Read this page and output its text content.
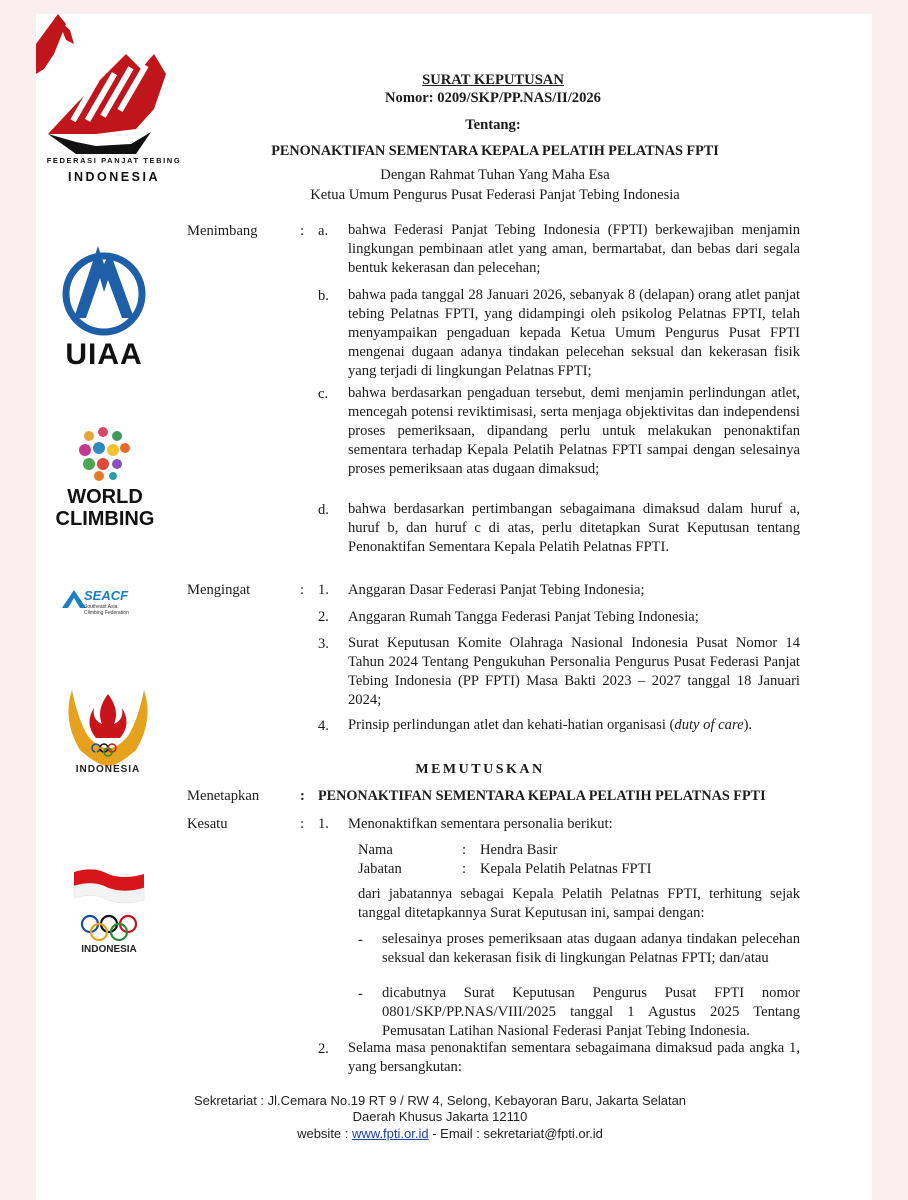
FEDERASI PANJAT TEBING
INDONESIA
UIAA
WORLD
CLIMBING
SEACF
Southeast Asia
Climbing Federation
INDONESIA
INDONESIA
SURAT KEPUTUSAN
Nomor: 0209/SKP/PP.NAS/II/2026
Tentang:
PENONAKTIFAN SEMENTARA KEPALA PELATIH PELATNAS FPTI
Dengan Rahmat Tuhan Yang Maha Esa
Ketua Umum Pengurus Pusat Federasi Panjat Tebing Indonesia
Menimbang	: a. bahwa Federasi Panjat Tebing Indonesia (FPTI) berkewajiban menjamin lingkungan pembinaan atlet yang aman, bermartabat, dan bebas dari segala bentuk kekerasan dan pelecehan;
b. bahwa pada tanggal 28 Januari 2026, sebanyak 8 (delapan) orang atlet panjat tebing Pelatnas FPTI, yang didampingi oleh psikolog Pelatnas FPTI, telah menyampaikan pengaduan kepada Ketua Umum Pengurus Pusat FPTI mengenai dugaan adanya tindakan pelecehan seksual dan kekerasan fisik yang terjadi di lingkungan Pelatnas FPTI;
c. bahwa berdasarkan pengaduan tersebut, demi menjamin perlindungan atlet, mencegah potensi reviktimisasi, serta menjaga objektivitas dan independensi proses pemeriksaan, dipandang perlu untuk melakukan penonaktifan sementara terhadap Kepala Pelatih Pelatnas FPTI sampai dengan selesainya proses pemeriksaan atas dugaan dimaksud;
d. bahwa berdasarkan pertimbangan sebagaimana dimaksud dalam huruf a, huruf b, dan huruf c di atas, perlu ditetapkan Surat Keputusan tentang Penonaktifan Sementara Kepala Pelatih Pelatnas FPTI.
Mengingat	: 1. Anggaran Dasar Federasi Panjat Tebing Indonesia;
2. Anggaran Rumah Tangga Federasi Panjat Tebing Indonesia;
3. Surat Keputusan Komite Olahraga Nasional Indonesia Pusat Nomor 14 Tahun 2024 Tentang Pengukuhan Personalia Pengurus Pusat Federasi Panjat Tebing Indonesia (PP FPTI) Masa Bakti 2023 – 2027 tanggal 18 Januari 2024;
4. Prinsip perlindungan atlet dan kehati-hatian organisasi (duty of care).
MEMUTUSKAN
Menetapkan	: PENONAKTIFAN SEMENTARA KEPALA PELATIH PELATNAS FPTI
Kesatu	: 1. Menonaktifkan sementara personalia berikut:
Nama	: Hendra Basir
Jabatan	: Kepala Pelatih Pelatnas FPTI
dari jabatannya sebagai Kepala Pelatih Pelatnas FPTI, terhitung sejak tanggal ditetapkannya Surat Keputusan ini, sampai dengan:
- selesainya proses pemeriksaan atas dugaan adanya tindakan pelecehan seksual dan kekerasan fisik di lingkungan Pelatnas FPTI; dan/atau
- dicabutnya Surat Keputusan Pengurus Pusat FPTI nomor 0801/SKP/PP.NAS/VIII/2025 tanggal 1 Agustus 2025 Tentang Pemusatan Latihan Nasional Federasi Panjat Tebing Indonesia.
2. Selama masa penonaktifan sementara sebagaimana dimaksud pada angka 1, yang bersangkutan:
Sekretariat : Jl.Cemara No.19 RT 9 / RW 4, Selong, Kebayoran Baru, Jakarta Selatan
Daerah Khusus Jakarta 12110
website : www.fpti.or.id - Email : sekretariat@fpti.or.id
